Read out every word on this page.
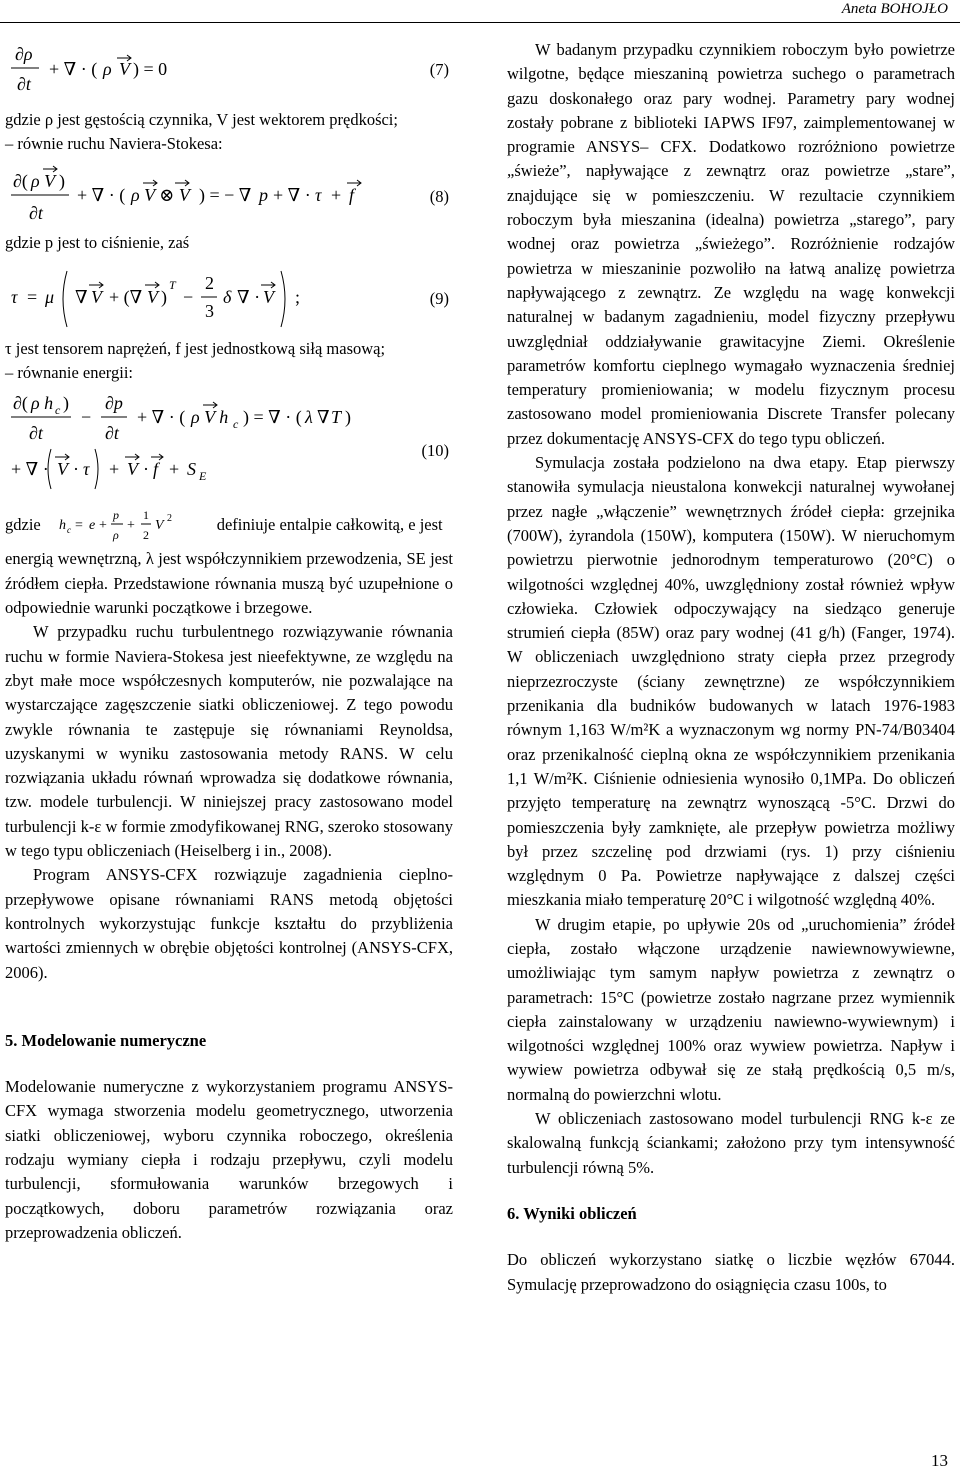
Aneta BOHOJŁO
∂ρ
∂t
+ ∇ · ( ρ V ) = 0	(7)

gdzie ρ jest gęstością czynnika, V jest wektorem prędkości;

– równie ruchu Naviera-Stokesa:

∂( ρ V )
∂t
+ ∇ · ( ρ V ⊗ V ) = − ∇ p + ∇ · τ + f	(8)

gdzie p jest to ciśnienie, zaś

τ = μ ∇ V + (∇ V )
T
−
2
3
δ ∇ · V ;	(9)

τ jest tensorem naprężeń, f jest jednostkową siłą masową;

– równanie energii:

∂( ρ h c )
∂t
−
∂p
∂t
+ ∇ · ( ρ V h c ) = ∇ · ( λ ∇ T )
+ ∇ · V · τ + V · f + S E
(10)
gdzie h c = e +
p
ρ
+
1
2
V 2	definiuje entalpie całkowitą, e jest

energią wewnętrzną, λ jest współczynnikiem przewodzenia, SE jest źródłem ciepła. Przedstawione równania muszą być uzupełnione o odpowiednie warunki początkowe i brzegowe.

W przypadku ruchu turbulentnego rozwiązywanie równania ruchu w formie Naviera-Stokesa jest nieefektywne, ze względu na zbyt małe moce współczesnych komputerów, nie pozwalające na wystarczające zagęszczenie siatki obliczeniowej. Z tego powodu zwykle równania te zastępuje się równaniami Reynoldsa, uzyskanymi w wyniku zastosowania metody RANS. W celu rozwiązania układu równań wprowadza się dodatkowe równania, tzw. modele turbulencji. W niniejszej pracy zastosowano model turbulencji k-ε w formie zmodyfikowanej RNG, szeroko stosowany w tego typu obliczeniach (Heiselberg i in., 2008).

Program ANSYS-CFX rozwiązuje zagadnienia cieplno-przepływowe opisane równaniami RANS metodą objętości kontrolnych wykorzystując funkcje kształtu do przybliżenia wartości zmiennych w obrębie objętości kontrolnej (ANSYS-CFX, 2006).

5. Modelowanie numeryczne

Modelowanie numeryczne z wykorzystaniem programu ANSYS-CFX wymaga stworzenia modelu geometrycznego, utworzenia siatki obliczeniowej, wyboru czynnika roboczego, określenia rodzaju wymiany ciepła i rodzaju przepływu, czyli modelu turbulencji, sformułowania warunków brzegowych i początkowych, doboru parametrów rozwiązania oraz przeprowadzenia obliczeń.

W badanym przypadku czynnikiem roboczym było powietrze wilgotne, będące mieszaniną powietrza suchego o parametrach gazu doskonałego oraz pary wodnej. Parametry pary wodnej zostały pobrane z biblioteki IAPWS IF97, zaimplementowanej w programie ANSYS– CFX. Dodatkowo rozróżniono powietrze „świeże”, napływające z zewnątrz oraz powietrze „stare”, znajdujące się w pomieszczeniu. W rezultacie czynnikiem roboczym była mieszanina (idealna) powietrza „starego”, pary wodnej oraz powietrza „świeżego”. Rozróżnienie rodzajów powietrza w mieszaninie pozwoliło na łatwą analizę powietrza napływającego z zewnątrz. Ze względu na wagę konwekcji naturalnej w badanym zagadnieniu, model fizyczny przepływu uwzględniał oddziaływanie grawitacyjne Ziemi. Określenie parametrów komfortu cieplnego wymagało wyznaczenia średniej temperatury promieniowania; w modelu fizycznym procesu zastosowano model promieniowania Discrete Transfer polecany przez dokumentację ANSYS-CFX do tego typu obliczeń.

Symulacja została podzielono na dwa etapy. Etap pierwszy stanowiła symulacja nieustalona konwekcji naturalnej wywołanej przez nagłe „włączenie” wewnętrznych źródeł ciepła: grzejnika (700W), żyrandola (150W), komputera (150W). W nieruchomym powietrzu pierwotnie jednorodnym temperaturowo (20°C) o wilgotności względnej 40%, uwzględniony został również wpływ człowieka. Człowiek odpoczywający na siedząco generuje strumień ciepła (85W) oraz pary wodnej (41 g/h) (Fanger, 1974). W obliczeniach uwzględniono straty ciepła przez przegrody nieprzezroczyste (ściany zewnętrzne) ze współczynnikiem przenikania dla budników budowanych w latach 1976-1983 równym 1,163 W/m²K a wyznaczonym wg normy PN-74/B03404 oraz przenikalność cieplną okna ze współczynnikiem przenikania 1,1 W/m²K. Ciśnienie odniesienia wynosiło 0,1MPa. Do obliczeń przyjęto temperaturę na zewnątrz wynoszącą -5°C. Drzwi do pomieszczenia były zamknięte, ale przepływ powietrza możliwy był przez szczelinę pod drzwiami (rys. 1) przy ciśnieniu względnym 0 Pa. Powietrze napływające z dalszej części mieszkania miało temperaturę 20°C i wilgotność względną 40%.

W drugim etapie, po upływie 20s od „uruchomienia” źródeł ciepła, zostało włączone urządzenie nawiewnowywiewne, umożliwiając tym samym napływ powietrza z zewnątrz o parametrach: 15°C (powietrze zostało nagrzane przez wymiennik ciepła zainstalowany w urządzeniu nawiewno-wywiewnym) i wilgotności względnej 100% oraz wywiew powietrza. Napływ i wywiew powietrza odbywał się ze stałą prędkością 0,5 m/s, normalną do powierzchni wlotu.

W obliczeniach zastosowano model turbulencji RNG k-ε ze skalowalną funkcją ściankami; założono przy tym intensywność turbulencji równą 5%.

6. Wyniki obliczeń

Do obliczeń wykorzystano siatkę o liczbie węzłów 67044. Symulację przeprowadzono do osiągnięcia czasu 100s, to

13
